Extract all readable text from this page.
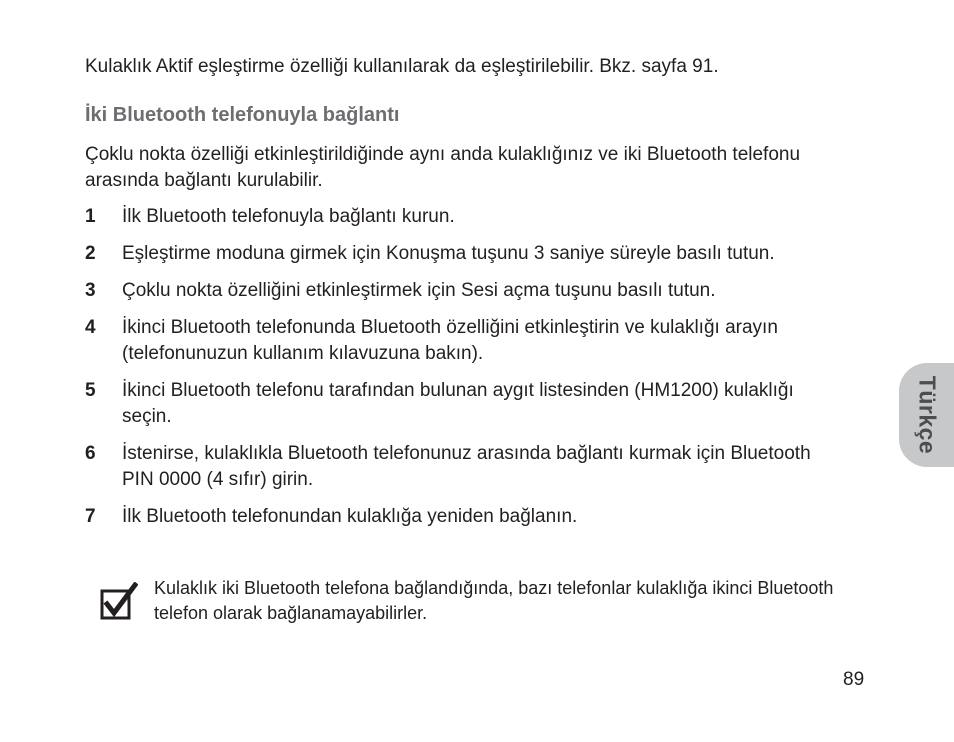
Kulaklık Aktif eşleştirme özelliği kullanılarak da eşleştirilebilir. Bkz. sayfa 91.

İki Bluetooth telefonuyla bağlantı

Çoklu nokta özelliği etkinleştirildiğinde aynı anda kulaklığınız ve iki Bluetooth telefonu arasında bağlantı kurulabilir.

1	İlk Bluetooth telefonuyla bağlantı kurun.
2	Eşleştirme moduna girmek için Konuşma tuşunu 3 saniye süreyle basılı tutun.
3	Çoklu nokta özelliğini etkinleştirmek için Sesi açma tuşunu basılı tutun.
4	İkinci Bluetooth telefonunda Bluetooth özelliğini etkinleştirin ve kulaklığı arayın (telefonunuzun kullanım kılavuzuna bakın).
5	İkinci Bluetooth telefonu tarafından bulunan aygıt listesinden (HM1200) kulaklığı seçin.
6	İstenirse, kulaklıkla Bluetooth telefonunuz arasında bağlantı kurmak için Bluetooth PIN 0000 (4 sıfır) girin.
7	İlk Bluetooth telefonundan kulaklığa yeniden bağlanın.
Kulaklık iki Bluetooth telefona bağlandığında, bazı telefonlar kulaklığa ikinci Bluetooth telefon olarak bağlanamayabilirler.
Türkçe
89
